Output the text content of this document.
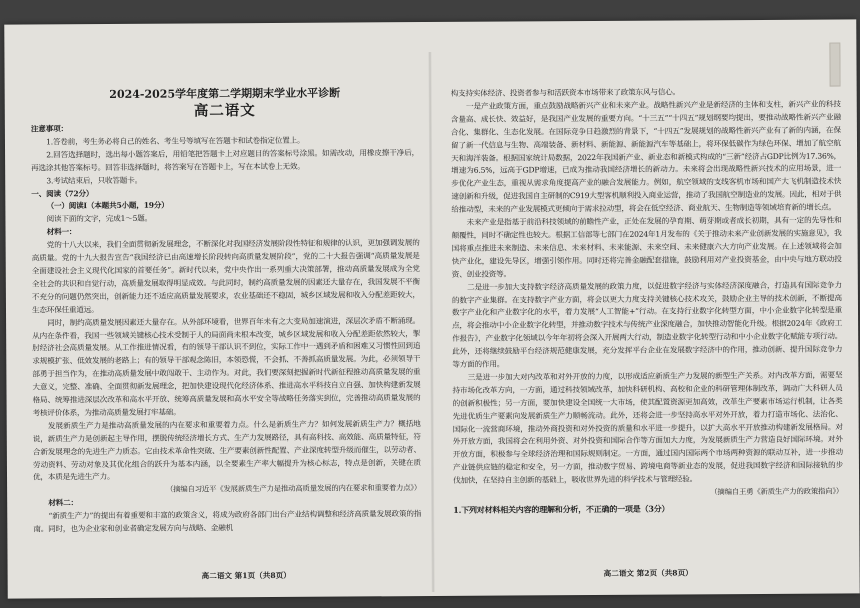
2024-2025学年度第二学期期末学业水平诊断
高二语文

注意事项：

1.答卷前，考生务必将自己的姓名、考生号等填写在答题卡和试卷指定位置上。

2.回答选择题时，选出每小题答案后，用铅笔把答题卡上对应题目的答案标号涂黑。如需改动，用橡皮擦干净后，再选涂其他答案标号。回答非选择题时，将答案写在答题卡上，写在本试卷上无效。

3.考试结束后，只收答题卡。

一、阅读（72分）

（一）阅读Ⅰ（本题共5小题，19分）

阅读下面的文字，完成1～5题。

材料一：

党的十八大以来，我们全面贯彻新发展理念，不断深化对我国经济发展阶段性特征和规律的认识，更加强调发展的高质量。党的十九大报告宣告“我国经济已由高速增长阶段转向高质量发展阶段”，党的二十大报告强调“高质量发展是全面建设社会主义现代化国家的首要任务”。新时代以来，党中央作出一系列重大决策部署，推动高质量发展成为全党全社会的共识和自觉行动，高质量发展取得明显成效。与此同时，制约高质量发展的因素还大量存在，我国发展不平衡不充分的问题仍然突出，创新能力还不适应高质量发展要求，农业基础还不稳固，城乡区域发展和收入分配差距较大，生态环保任重道远。

同时，制约高质量发展因素还大量存在。从外部环境看，世界百年未有之大变局加速演进，深层次矛盾不断涌现。从内在条件看，我国一些领域关键核心技术受制于人的局面尚未根本改变，城乡区域发展和收入分配差距依然较大，掣肘经济社会高质量发展。从工作推进情况看，有的领导干部认识不到位，实际工作中一遇到矛盾和困难又习惯性回到追求规模扩张、低效发展的老路上；有的领导干部观念陈旧，本领恐慌，不会抓、不善抓高质量发展。为此，必须领导干部勇于担当作为，在推动高质量发展中敢闯敢干、主动作为。对此，我们要深刻把握新时代新征程推动高质量发展的重大意义，完整、准确、全面贯彻新发展理念，把加快建设现代化经济体系、推进高水平科技自立自强、加快构建新发展格局、统筹推进深层次改革和高水平开放、统筹高质量发展和高水平安全等战略任务落实到位，完善推动高质量发展的考核评价体系，为推动高质量发展打牢基础。

发展新质生产力是推动高质量发展的内在要求和重要着力点。什么是新质生产力？如何发展新质生产力？概括地说，新质生产力是创新起主导作用，摆脱传统经济增长方式、生产力发展路径，具有高科技、高效能、高质量特征，符合新发展理念的先进生产力质态。它由技术革命性突破、生产要素创新性配置、产业深度转型升级而催生，以劳动者、劳动资料、劳动对象及其优化组合的跃升为基本内涵，以全要素生产率大幅提升为核心标志，特点是创新，关键在质优，本质是先进生产力。

（摘编自习近平《发展新质生产力是推动高质量发展的内在要求和重要着力点》）

材料二：

“新质生产力”的提出有着重要和丰富的政策含义，将成为政府各部门出台产业结构调整和经济高质量发展政策的指南。同时，也为企业家和创业者确定发展方向与战略、金融机

高二语文 第1页（共8页）

构支持实体经济、投资者参与和活跃资本市场带来了政策东风与信心。

一是产业政策方面，重点鼓励战略新兴产业和未来产业。战略性新兴产业是新经济的主体和支柱，新兴产业的科技含量高、成长快、效益好，是我国产业发展的重要方向。“十三五”“十四五”规划纲要均提出，要推动战略性新兴产业融合化、集群化、生态化发展。在国际竞争日趋激烈的背景下，“十四五”发展规划的战略性新兴产业有了新的内涵，在保留了新一代信息与生物、高端装备、新材料、新能源、新能源汽车等基础上，将环保低碳作为绿色环保、增加了航空航天和海洋装备。根据国家统计局数据，2022年我国新产业、新业态和新模式构成的“三新”经济占GDP比例为17.36%，增速为6.5%，远高于GDP增速，已成为推动我国经济增长的新动力。未来将会出现战略性新兴技术的应用场景，进一步优化产业生态，重视从需求角度提高产业的融合发展能力。例如，航空领域的支线客机市场和国产大飞机制造技术快速创新和升级，促进我国自主研制的C919大型客机顺利投入商业运营，推动了我国航空制造业的发展。因此，相对于供给推动型，未来的产业发展模式更倾向于需求拉动型，将会在低空经济、商业航天、生物制造等领域培育新的增长点。

未来产业是指基于前沿科技领域的前瞻性产业，正处在发展的孕育期、萌芽期或者成长初期，具有一定的先导性和颠覆性，同时不确定性也较大。根据工信部等七部门在2024年1月发布的《关于推动未来产业创新发展的实施意见》，我国将重点推进未来制造、未来信息、未来材料、未来能源、未来空间、未来健康六大方向产业发展。在上述领域将会加快产业化，建设先导区，增强引领作用。同时还将完善金融配套措施，鼓励利用对产业投资基金，由中央与地方联动投资、创业投资等。

二是进一步加大支持数字经济高质量发展的政策力度，以促进数字经济与实体经济深度融合，打造具有国际竞争力的数字产业集群。在支持数字产业方面，将会以更大力度支持关键核心技术攻关，鼓励企业主导的技术创新，不断提高数字产业化和产业数字化的水平，着力发展“人工智能+”行动。在支持行业数字化转型方面，中小企业数字化转型是重点，将会推动中小企业数字化转型，并推动数字技术与传统产业深度融合，加快推动智能化升级。根据2024年《政府工作报告》，产业数字化领域以今年年初将会深入开展两大行动，制造业数字化转型行动和中小企业数字化赋能专项行动。此外，还将继续鼓励平台经济规范健康发展，充分发挥平台企业在发展数字经济中的作用，推动创新、提升国际竞争力等方面的作用。

三是进一步加大对内改革和对外开放的力度，以形成适应新质生产力发展的新型生产关系。对内改革方面，需要坚持市场化改革方向，一方面，通过科技领域改革，加快科研机构、高校和企业的科研管理体制改革，调动广大科研人员的创新积极性；另一方面，要加快建设全国统一大市场，使其配置资源更加高效，改革生产要素市场运行机制，让各类先进优质生产要素向发展新质生产力顺畅流动。此外，还将会进一步坚持高水平对外开放，着力打造市场化、法治化、国际化一流营商环境，推动外商投资和对外投资的质量和水平进一步提升，以扩大高水平开放推动构建新发展格局。对外开放方面，我国将会在利用外资、对外投资和国际合作等方面加大力度，为发展新质生产力营造良好国际环境。对外开放方面，积极参与全球经济治理和国际规则制定。一方面，通过国内国际两个市场两种资源的联动互补，进一步推动产业链供应链的稳定和安全，另一方面，推动数字贸易、跨境电商等新业态的发展，促进我国数字经济和国际接轨的步伐加快，在坚持自主创新的基础上，吸收世界先进的科学技术与管理经验。

（摘编自王勇《新质生产力的政策指向》）

1.下列对材料相关内容的理解和分析，不正确的一项是（3分）

高二语文 第2页（共8页）
